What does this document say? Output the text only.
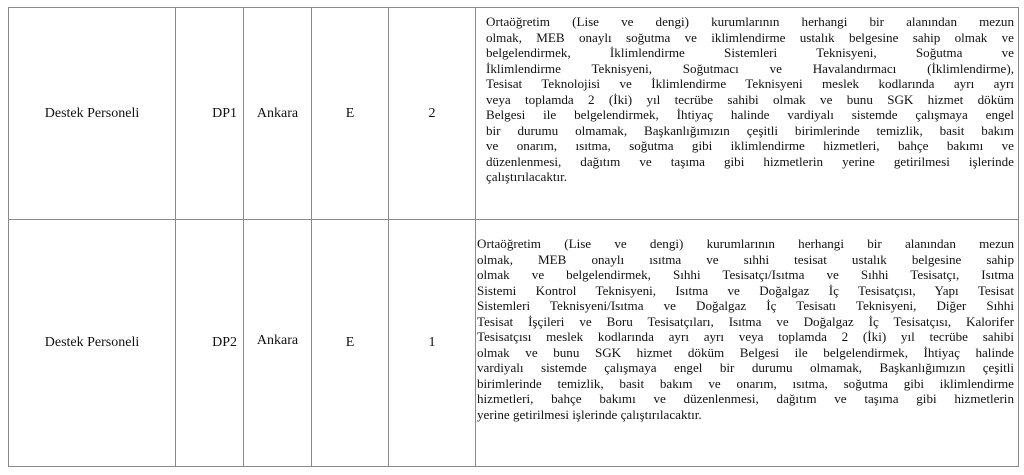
Destek Personeli	DP1	Ankara	E	2	
Ortaöğretim (Lise ve dengi) kurumlarının herhangi bir alanından mezun
olmak, MEB onaylı soğutma ve iklimlendirme ustalık belgesine sahip olmak ve
belgelendirmek, İklimlendirme Sistemleri Teknisyeni, Soğutma ve
İklimlendirme Teknisyeni, Soğutmacı ve Havalandırmacı (İklimlendirme),
Tesisat Teknolojisi ve İklimlendirme Teknisyeni meslek kodlarında ayrı ayrı
veya toplamda 2 (İki) yıl tecrübe sahibi olmak ve bunu SGK hizmet döküm
Belgesi ile belgelendirmek, İhtiyaç halinde vardiyalı sistemde çalışmaya engel
bir durumu olmamak, Başkanlığımızın çeşitli birimlerinde temizlik, basit bakım
ve onarım, ısıtma, soğutma gibi iklimlendirme hizmetleri, bahçe bakımı ve
düzenlenmesi, dağıtım ve taşıma gibi hizmetlerin yerine getirilmesi işlerinde
çalıştırılacaktır.

Destek Personeli	DP2	Ankara	E	1	
Ortaöğretim (Lise ve dengi) kurumlarının herhangi bir alanından mezun
olmak, MEB onaylı ısıtma ve sıhhi tesisat ustalık belgesine sahip
olmak ve belgelendirmek, Sıhhi Tesisatçı/Isıtma ve Sıhhi Tesisatçı, Isıtma
Sistemi Kontrol Teknisyeni, Isıtma ve Doğalgaz İç Tesisatçısı, Yapı Tesisat
Sistemleri Teknisyeni/Isıtma ve Doğalgaz İç Tesisatı Teknisyeni, Diğer Sıhhi
Tesisat İşçileri ve Boru Tesisatçıları, Isıtma ve Doğalgaz İç Tesisatçısı, Kalorifer
Tesisatçısı meslek kodlarında ayrı ayrı veya toplamda 2 (İki) yıl tecrübe sahibi
olmak ve bunu SGK hizmet döküm Belgesi ile belgelendirmek, İhtiyaç halinde
vardiyalı sistemde çalışmaya engel bir durumu olmamak, Başkanlığımızın çeşitli
birimlerinde temizlik, basit bakım ve onarım, ısıtma, soğutma gibi iklimlendirme
hizmetleri, bahçe bakımı ve düzenlenmesi, dağıtım ve taşıma gibi hizmetlerin
yerine getirilmesi işlerinde çalıştırılacaktır.
